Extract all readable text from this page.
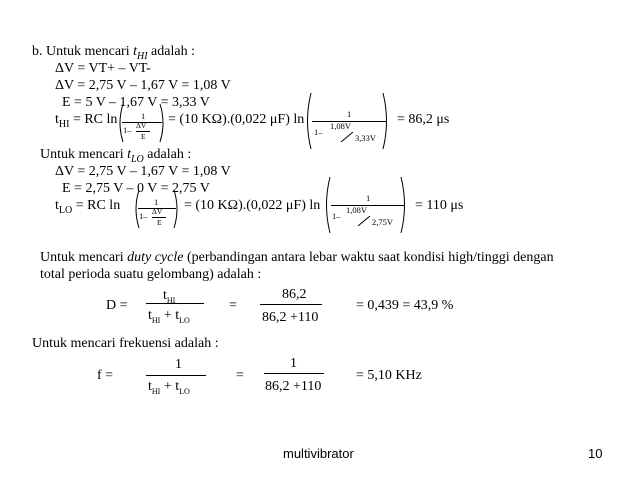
b. Untuk mencari $t_{HI}$ adalah :
ΔV = VT+ – VT-
ΔV = 2,75 V – 1,67 V = 1,08 V
E = 5 V – 1,67 V = 3,33 V
$t_{HI}$ = RC ln	1
1– ΔV
E
= (10 KΩ).(0,022 μF) ln	1
1–
1,08V
3,33V
= 86,2 μs
Untuk mencari $t_{LO}$ adalah :
ΔV = 2,75 V – 1,67 V = 1,08 V
E = 2,75 V – 0 V = 2,75 V
$t_{LO}$ = RC ln	1
1– ΔV
E
= (10 KΩ).(0,022 μF) ln	1
1–
1,08V
2,75V
= 110 μs
Untuk mencari duty cycle (perbandingan antara lebar waktu saat kondisi high/tinggi dengan
total perioda suatu gelombang) adalah :
D =
$t_{HI}$
$t_{HI} + t_{LO}$
=
86,2
86,2 +110
= 0,439 = 43,9 %
Untuk mencari frekuensi adalah :
f =
1
$t_{HI} + t_{LO}$
=
1
86,2 +110
= 5,10 KHz
multivibrator	10
